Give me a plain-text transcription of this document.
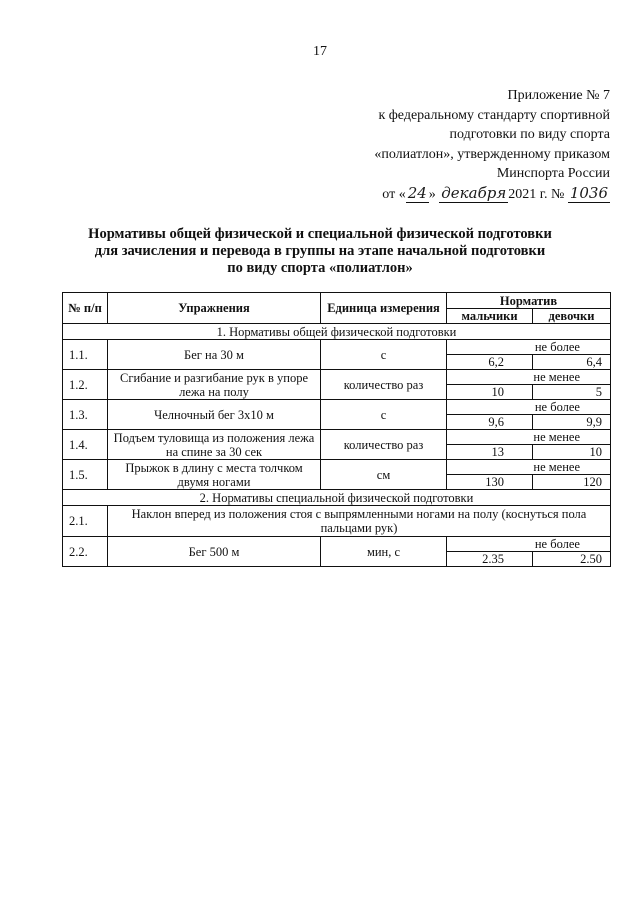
17
Приложение № 7
к федеральному стандарту спортивной
подготовки по виду спорта
«полиатлон», утвержденному приказом
Минспорта России
от « 24 » декабря 2021 г. № 1036
Нормативы общей физической и специальной физической подготовки
для зачисления и перевода в группы на этапе начальной подготовки
по виду спорта «полиатлон»
№ п/п	Упражнения	Единица измерения	Норматив	
			мальчики	девочки
1. Нормативы общей физической подготовки				
1.1.	Бег на 30 м	с	не более	
			6,2	6,4
1.2.	Сгибание и разгибание рук в упоре лежа на полу	количество раз	не менее	
			10	5
1.3.	Челночный бег 3х10 м	с	не более	
			9,6	9,9
1.4.	Подъем туловища из положения лежа на спине за 30 сек	количество раз	не менее	
			13	10
1.5.	Прыжок в длину с места толчком двумя ногами	см	не менее	
			130	120
2. Нормативы специальной физической подготовки				
2.1.	Наклон вперед из положения стоя с выпрямленными ногами на полу (коснуться пола пальцами рук)			
2.2.	Бег 500 м	мин, с	не более	
			2.35	2.50
